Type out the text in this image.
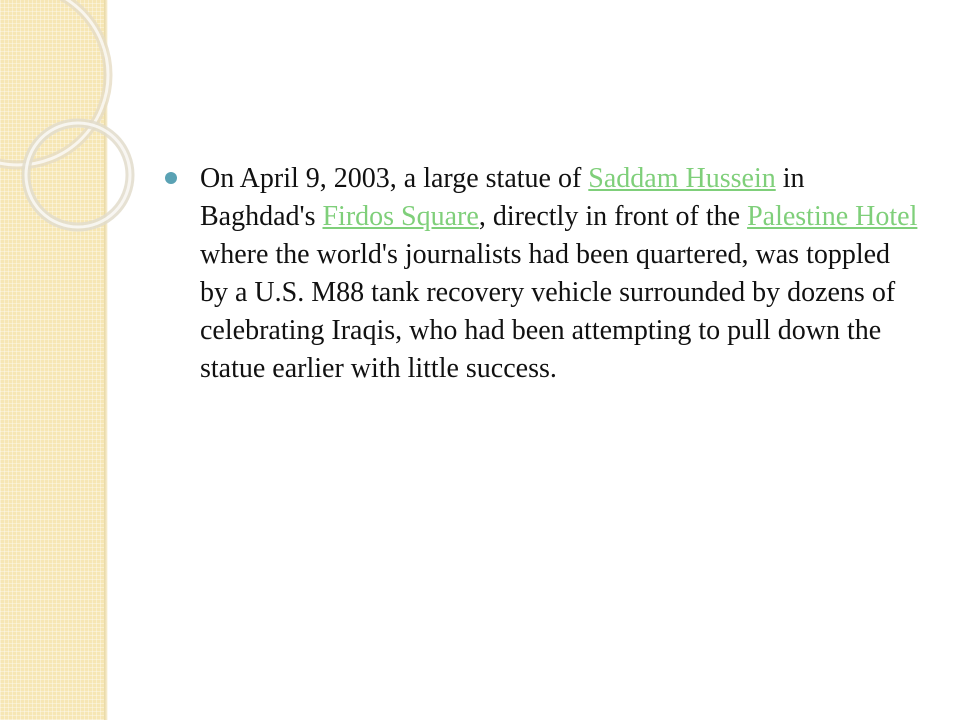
On April 9, 2003, a large statue of Saddam Hussein in Baghdad's Firdos Square, directly in front of the Palestine Hotel where the world's journalists had been quartered, was toppled by a U.S. M88 tank recovery vehicle surrounded by dozens of celebrating Iraqis, who had been attempting to pull down the statue earlier with little success.
